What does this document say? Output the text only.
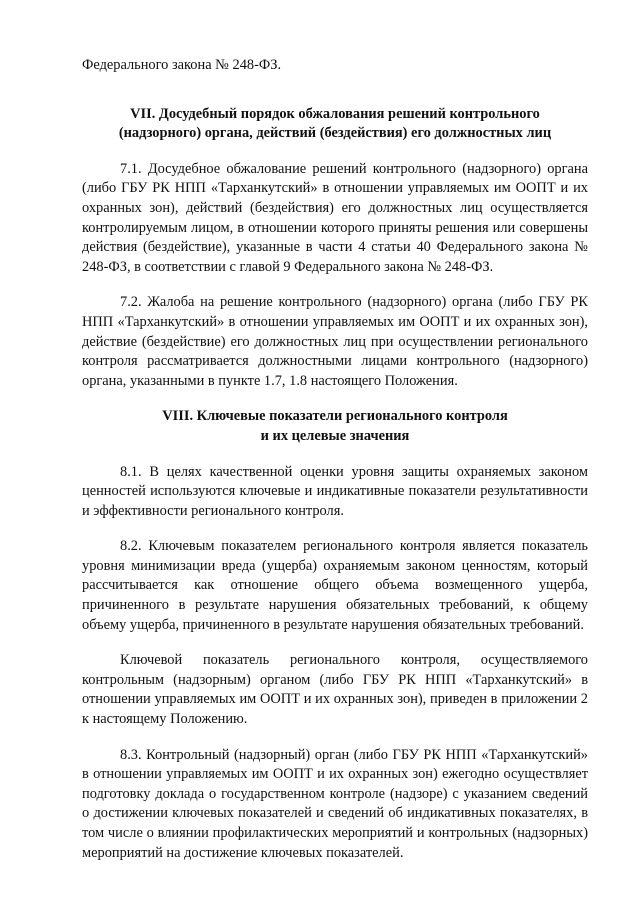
Федерального закона № 248-ФЗ.

VII. Досудебный порядок обжалования решений контрольного

(надзорного) органа, действий (бездействия) его должностных лиц

7.1. Досудебное обжалование решений контрольного (надзорного) органа (либо ГБУ РК НПП «Тарханкутский» в отношении управляемых им ООПТ и их охранных зон), действий (бездействия) его должностных лиц осуществляется контролируемым лицом, в отношении которого приняты решения или совершены действия (бездействие), указанные в части 4 статьи 40 Федерального закона № 248-ФЗ, в соответствии с главой 9 Федерального закона № 248-ФЗ.

7.2. Жалоба на решение контрольного (надзорного) органа (либо ГБУ РК НПП «Тарханкутский» в отношении управляемых им ООПТ и их охранных зон), действие (бездействие) его должностных лиц при осуществлении регионального контроля рассматривается должностными лицами контрольного (надзорного) органа, указанными в пункте 1.7, 1.8 настоящего Положения.

VIII. Ключевые показатели регионального контроля

и их целевые значения

8.1. В целях качественной оценки уровня защиты охраняемых законом ценностей используются ключевые и индикативные показатели результативности и эффективности регионального контроля.

8.2. Ключевым показателем регионального контроля является показатель уровня минимизации вреда (ущерба) охраняемым законом ценностям, который рассчитывается как отношение общего объема возмещенного ущерба, причиненного в результате нарушения обязательных требований, к общему объему ущерба, причиненного в результате нарушения обязательных требований.

Ключевой показатель регионального контроля, осуществляемого контрольным (надзорным) органом (либо ГБУ РК НПП «Тарханкутский» в отношении управляемых им ООПТ и их охранных зон), приведен в приложении 2 к настоящему Положению.

8.3. Контрольный (надзорный) орган (либо ГБУ РК НПП «Тарханкутский» в отношении управляемых им ООПТ и их охранных зон) ежегодно осуществляет подготовку доклада о государственном контроле (надзоре) с указанием сведений о достижении ключевых показателей и сведений об индикативных показателях, в том числе о влиянии профилактических мероприятий и контрольных (надзорных) мероприятий на достижение ключевых показателей.
